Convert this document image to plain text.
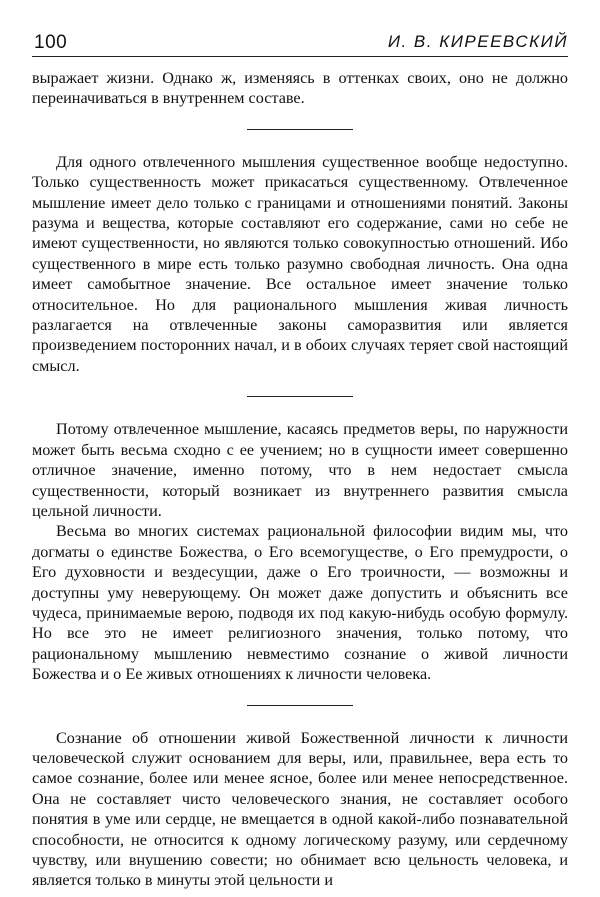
100	И. В. КИРЕЕВСКИЙ

выражает жизни. Однако ж, изменяясь в оттенках своих, оно не должно переиначиваться в внутреннем составе.

Для одного отвлеченного мышления существенное вообще недоступно. Только существенность может прикасаться существенному. Отвлеченное мышление имеет дело только с границами и отношениями понятий. Законы разума и вещества, которые составляют его содержание, сами но себе не имеют существенности, но являются только совокупностью отношений. Ибо существенного в мире есть только разумно свободная личность. Она одна имеет самобытное значение. Все остальное имеет значение только относительное. Но для рационального мышления живая личность разлагается на отвлеченные законы саморазвития или является произведением посторонних начал, и в обоих случаях теряет свой настоящий смысл.

Потому отвлеченное мышление, касаясь предметов веры, по наружности может быть весьма сходно с ее учением; но в сущности имеет совершенно отличное значение, именно потому, что в нем недостает смысла существенности, который возникает из внутреннего развития смысла цельной личности.

Весьма во многих системах рациональной философии видим мы, что догматы о единстве Божества, о Его всемогуществе, о Его премудрости, о Его духовности и вездесущии, даже о Его троичности, — возможны и доступны уму неверующему. Он может даже допустить и объяснить все чудеса, принимаемые верою, подводя их под какую-нибудь особую формулу. Но все это не имеет религиозного значения, только потому, что рациональному мышлению невместимо сознание о живой личности Божества и о Ее живых отношениях к личности человека.

Сознание об отношении живой Божественной личности к личности человеческой служит основанием для веры, или, правильнее, вера есть то самое сознание, более или менее ясное, более или менее непосредственное. Она не составляет чисто человеческого знания, не составляет особого понятия в уме или сердце, не вмещается в одной какой-либо познавательной способности, не относится к одному логическому разуму, или сердечному чувству, или внушению совести; но обнимает всю цельность человека, и является только в минуты этой цельности и
